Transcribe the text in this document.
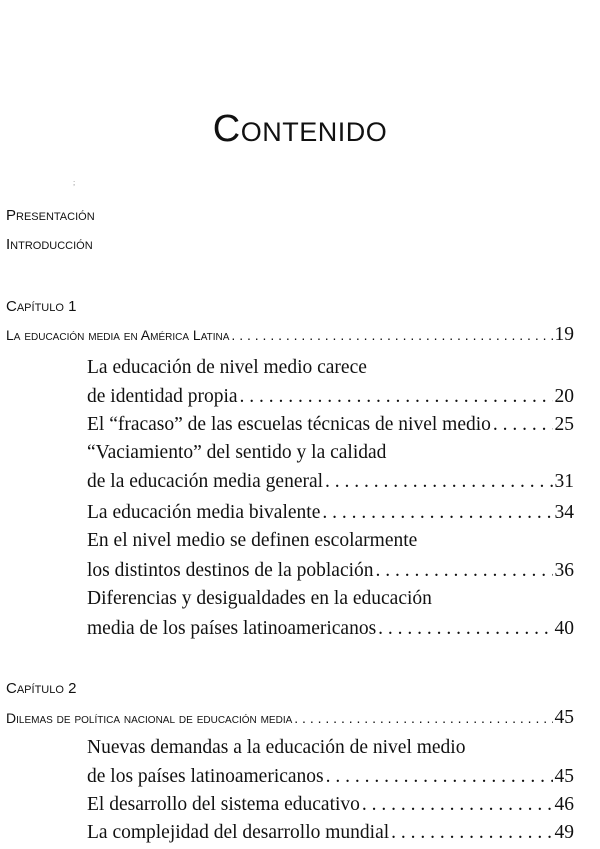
Contenido
;
Presentación
Introducción
Capítulo 1
La educación media en América Latina . . .	19
La educación de nivel medio carece
de identidad propia . . .	20
El “fracaso” de las escuelas técnicas de nivel medio . . .	25
“Vaciamiento” del sentido y la calidad
de la educación media general . . .	31
La educación media bivalente . . .	34
En el nivel medio se definen escolarmente
los distintos destinos de la población . . .	36
Diferencias y desigualdades en la educación
media de los países latinoamericanos . . .	40
Capítulo 2
Dilemas de política nacional de educación media . . .	45
Nuevas demandas a la educación de nivel medio
de los países latinoamericanos . . .	45
El desarrollo del sistema educativo . . .	46
La complejidad del desarrollo mundial . . .	49
